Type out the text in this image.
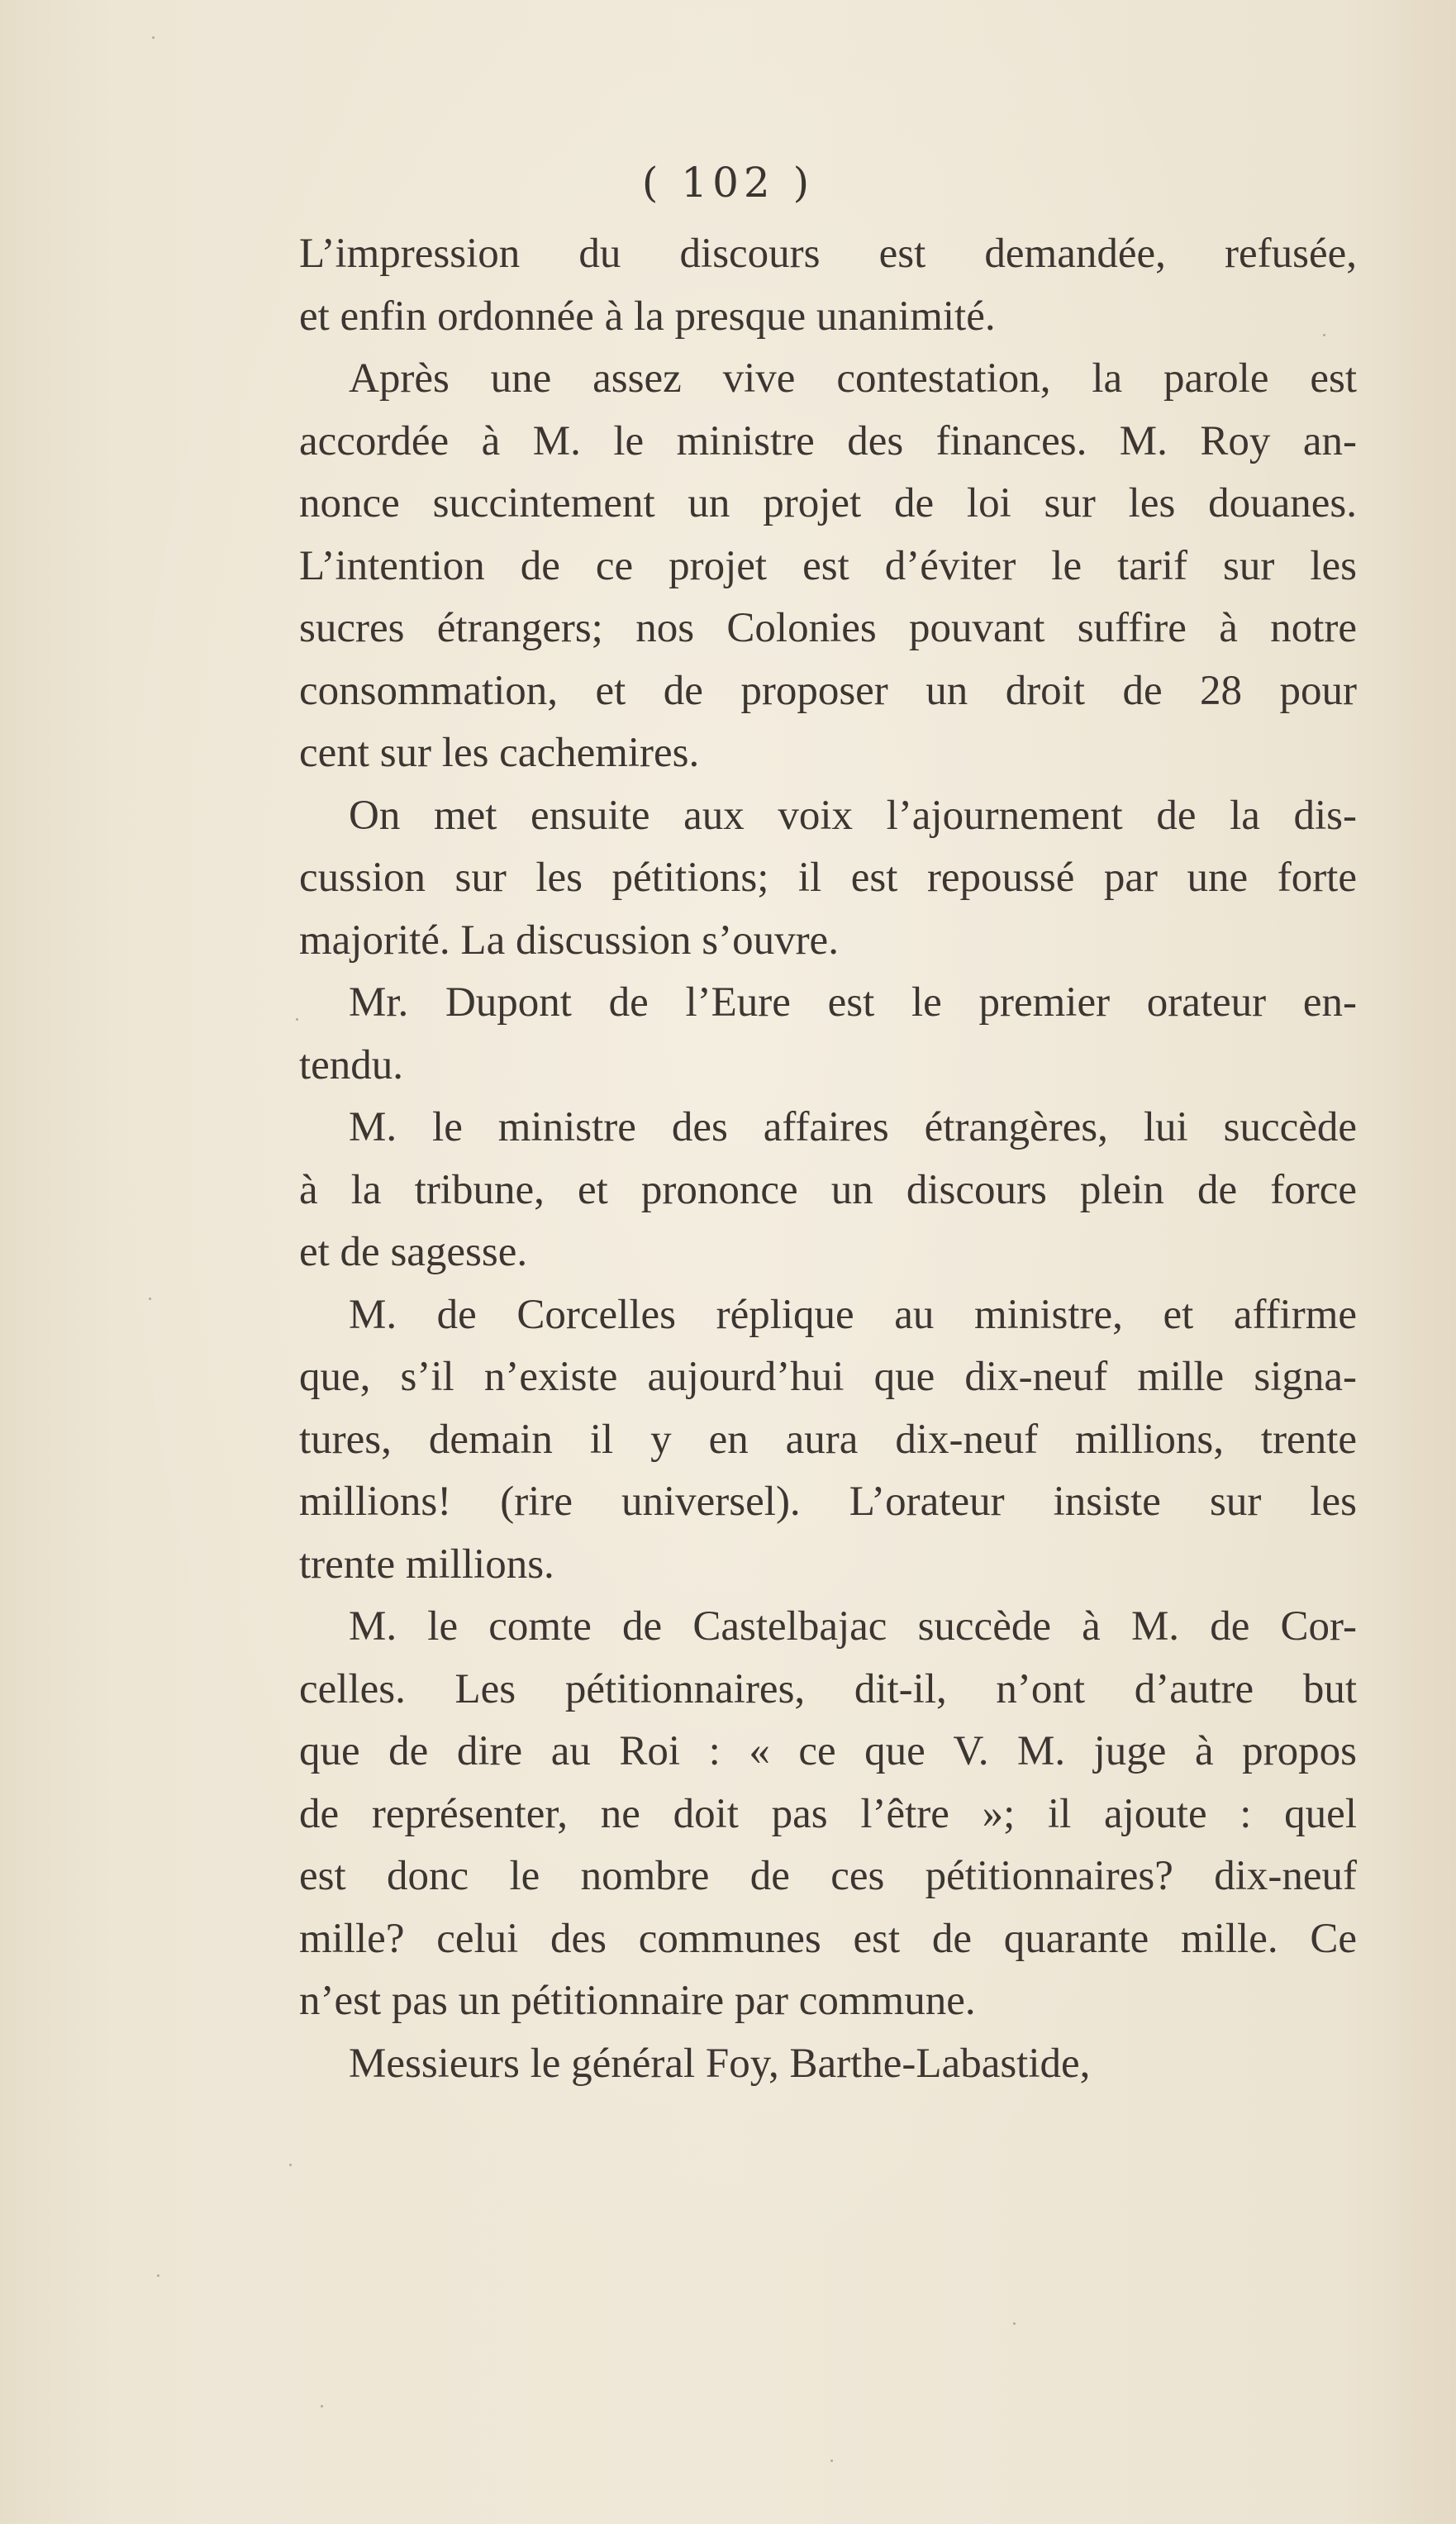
( 102 )
L’impression du discours est demandée, refusée,
et enfin ordonnée à la presque unanimité.
Après une assez vive contestation, la parole est
accordée à M. le ministre des finances. M. Roy an-
nonce succintement un projet de loi sur les douanes.
L’intention de ce projet est d’éviter le tarif sur les
sucres étrangers; nos Colonies pouvant suffire à notre
consommation, et de proposer un droit de 28 pour
cent sur les cachemires.
On met ensuite aux voix l’ajournement de la dis-
cussion sur les pétitions; il est repoussé par une forte
majorité. La discussion s’ouvre.
Mr. Dupont de l’Eure est le premier orateur en-
tendu.
M. le ministre des affaires étrangères, lui succède
à la tribune, et prononce un discours plein de force
et de sagesse.
M. de Corcelles réplique au ministre, et affirme
que, s’il n’existe aujourd’hui que dix-neuf mille signa-
tures, demain il y en aura dix-neuf millions, trente
millions! (rire universel). L’orateur insiste sur les
trente millions.
M. le comte de Castelbajac succède à M. de Cor-
celles. Les pétitionnaires, dit-il, n’ont d’autre but
que de dire au Roi : « ce que V. M. juge à propos
de représenter, ne doit pas l’être »; il ajoute : quel
est donc le nombre de ces pétitionnaires? dix-neuf
mille? celui des communes est de quarante mille. Ce
n’est pas un pétitionnaire par commune.
Messieurs le général Foy, Barthe-Labastide,
